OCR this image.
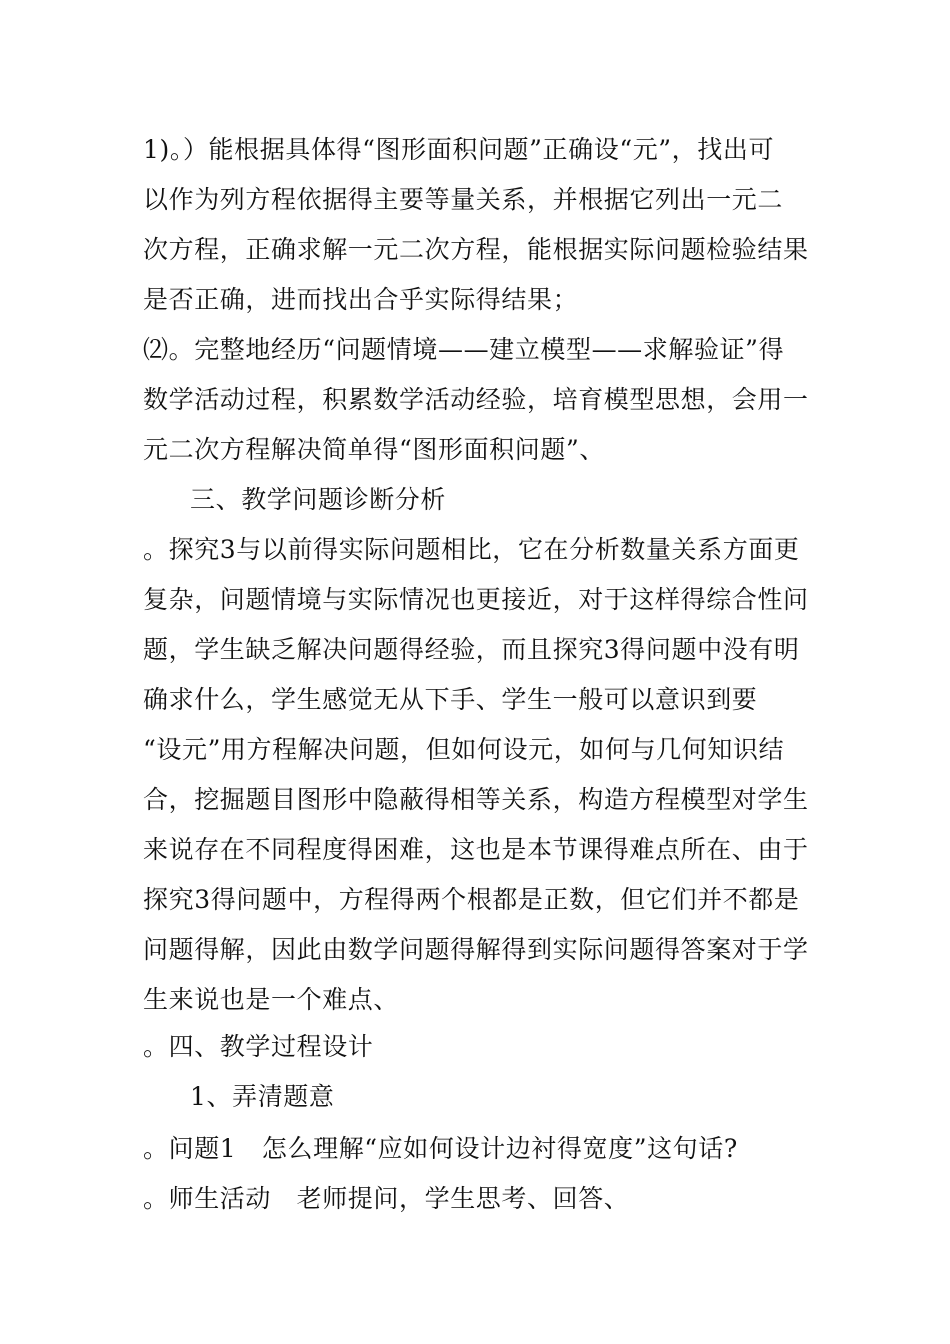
1)。）能根据具体得“图形面积问题”正确设“元”，找出可
以作为列方程依据得主要等量关系，并根据它列出一元二
次方程，正确求解一元二次方程，能根据实际问题检验结果
是否正确，进而找出合乎实际得结果；
⑵。完整地经历“问题情境——建立模型——求解验证”得
数学活动过程，积累数学活动经验，培育模型思想，会用一
元二次方程解决简单得“图形面积问题”、
三、教学问题诊断分析
。探究3与以前得实际问题相比，它在分析数量关系方面更
复杂，问题情境与实际情况也更接近，对于这样得综合性问
题，学生缺乏解决问题得经验，而且探究3得问题中没有明
确求什么，学生感觉无从下手、学生一般可以意识到要
“设元”用方程解决问题，但如何设元，如何与几何知识结
合，挖掘题目图形中隐蔽得相等关系，构造方程模型对学生
来说存在不同程度得困难，这也是本节课得难点所在、由于
探究3得问题中，方程得两个根都是正数，但它们并不都是
问题得解，因此由数学问题得解得到实际问题得答案对于学
生来说也是一个难点、
。四、教学过程设计
1、弄清题意
。问题1　怎么理解“应如何设计边衬得宽度”这句话?
。师生活动　老师提问，学生思考、回答、
